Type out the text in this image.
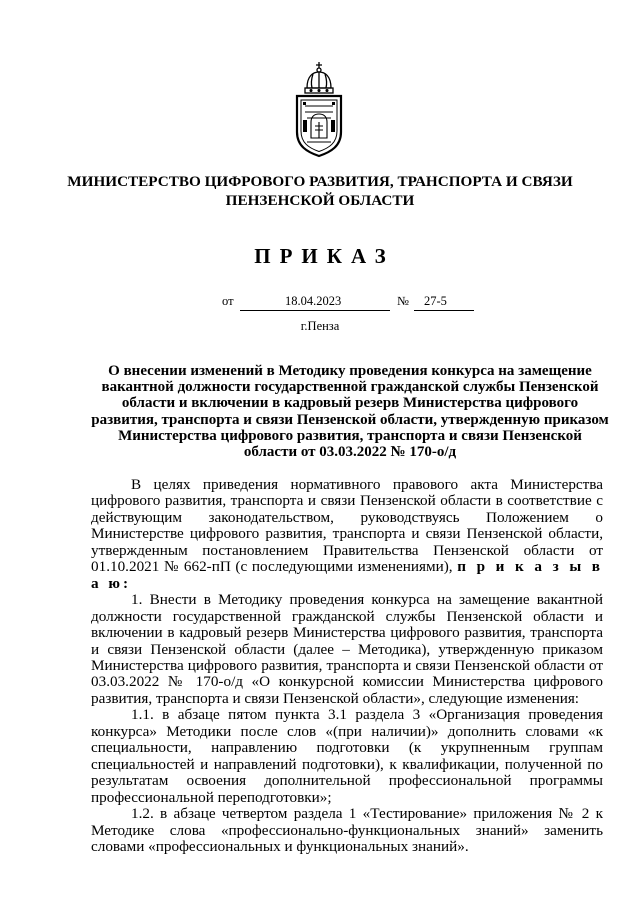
МИНИСТЕРСТВО ЦИФРОВОГО РАЗВИТИЯ, ТРАНСПОРТА И СВЯЗИ
ПЕНЗЕНСКОЙ ОБЛАСТИ
ПРИКАЗ
от	18.04.2023	№ 27-5
г.Пенза
О внесении изменений в Методику проведения конкурса на замещение вакантной должности государственной гражданской службы Пензенской области и включении в кадровый резерв Министерства цифрового развития, транспорта и связи Пензенской области, утвержденную приказом Министерства цифрового развития, транспорта и связи Пензенской области от 03.03.2022 № 170-о/д

В целях приведения нормативного правового акта Министерства цифрового развития, транспорта и связи Пензенской области в соответствие с действующим законодательством, руководствуясь Положением о Министерстве цифрового развития, транспорта и связи Пензенской области, утвержденным постановлением Правительства Пензенской области от 01.10.2021 № 662-пП (с последующими изменениями), п р и к а з ы в а ю:

1. Внести в Методику проведения конкурса на замещение вакантной должности государственной гражданской службы Пензенской области и включении в кадровый резерв Министерства цифрового развития, транспорта и связи Пензенской области (далее – Методика), утвержденную приказом Министерства цифрового развития, транспорта и связи Пензенской области от 03.03.2022 № 170-о/д «О конкурсной комиссии Министерства цифрового развития, транспорта и связи Пензенской области», следующие изменения:

1.1. в абзаце пятом пункта 3.1 раздела 3 «Организация проведения конкурса» Методики после слов «(при наличии)» дополнить словами «к специальности, направлению подготовки (к укрупненным группам специальностей и направлений подготовки), к квалификации, полученной по результатам освоения дополнительной профессиональной программы профессиональной переподготовки»;

1.2. в абзаце четвертом раздела 1 «Тестирование» приложения № 2 к Методике слова «профессионально-функциональных знаний» заменить словами «профессиональных и функциональных знаний».
